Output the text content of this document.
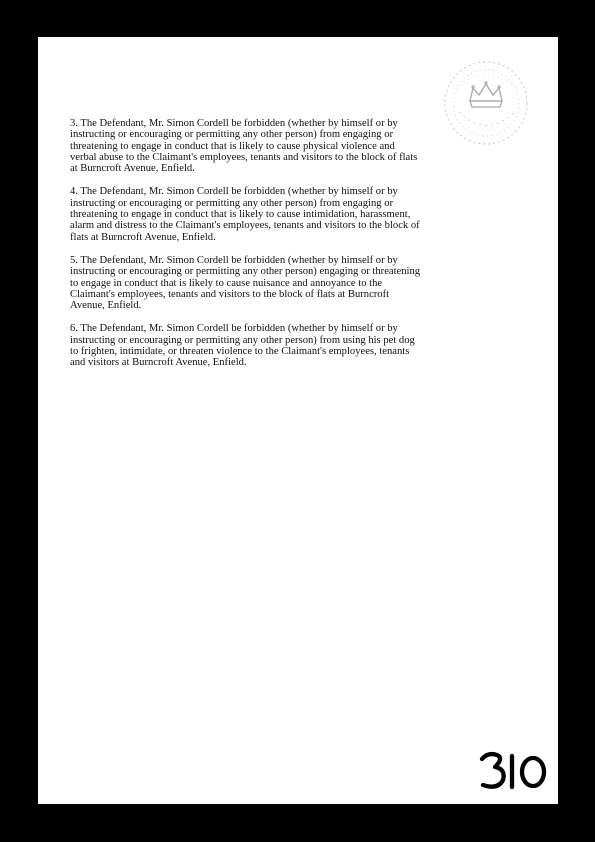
3. The Defendant, Mr. Simon Cordell be forbidden (whether by himself or by
instructing or encouraging or permitting any other person) from engaging or
threatening to engage in conduct that is likely to cause physical violence and
verbal abuse to the Claimant's employees, tenants and visitors to the block of flats
at Burncroft Avenue, Enfield.

4. The Defendant, Mr. Simon Cordell be forbidden (whether by himself or by
instructing or encouraging or permitting any other person) from engaging or
threatening to engage in conduct that is likely to cause intimidation, harassment,
alarm and distress to the Claimant's employees, tenants and visitors to the block of
flats at Burncroft Avenue, Enfield.

5. The Defendant, Mr. Simon Cordell be forbidden (whether by himself or by
instructing or encouraging or permitting any other person) engaging or threatening
to engage in conduct that is likely to cause nuisance and annoyance to the
Claimant's employees, tenants and visitors to the block of flats at Burncroft
Avenue, Enfield.

6. The Defendant, Mr. Simon Cordell be forbidden (whether by himself or by
instructing or encouraging or permitting any other person) from using his pet dog
to frighten, intimidate, or threaten violence to the Claimant's employees, tenants
and visitors at Burncroft Avenue, Enfield.
